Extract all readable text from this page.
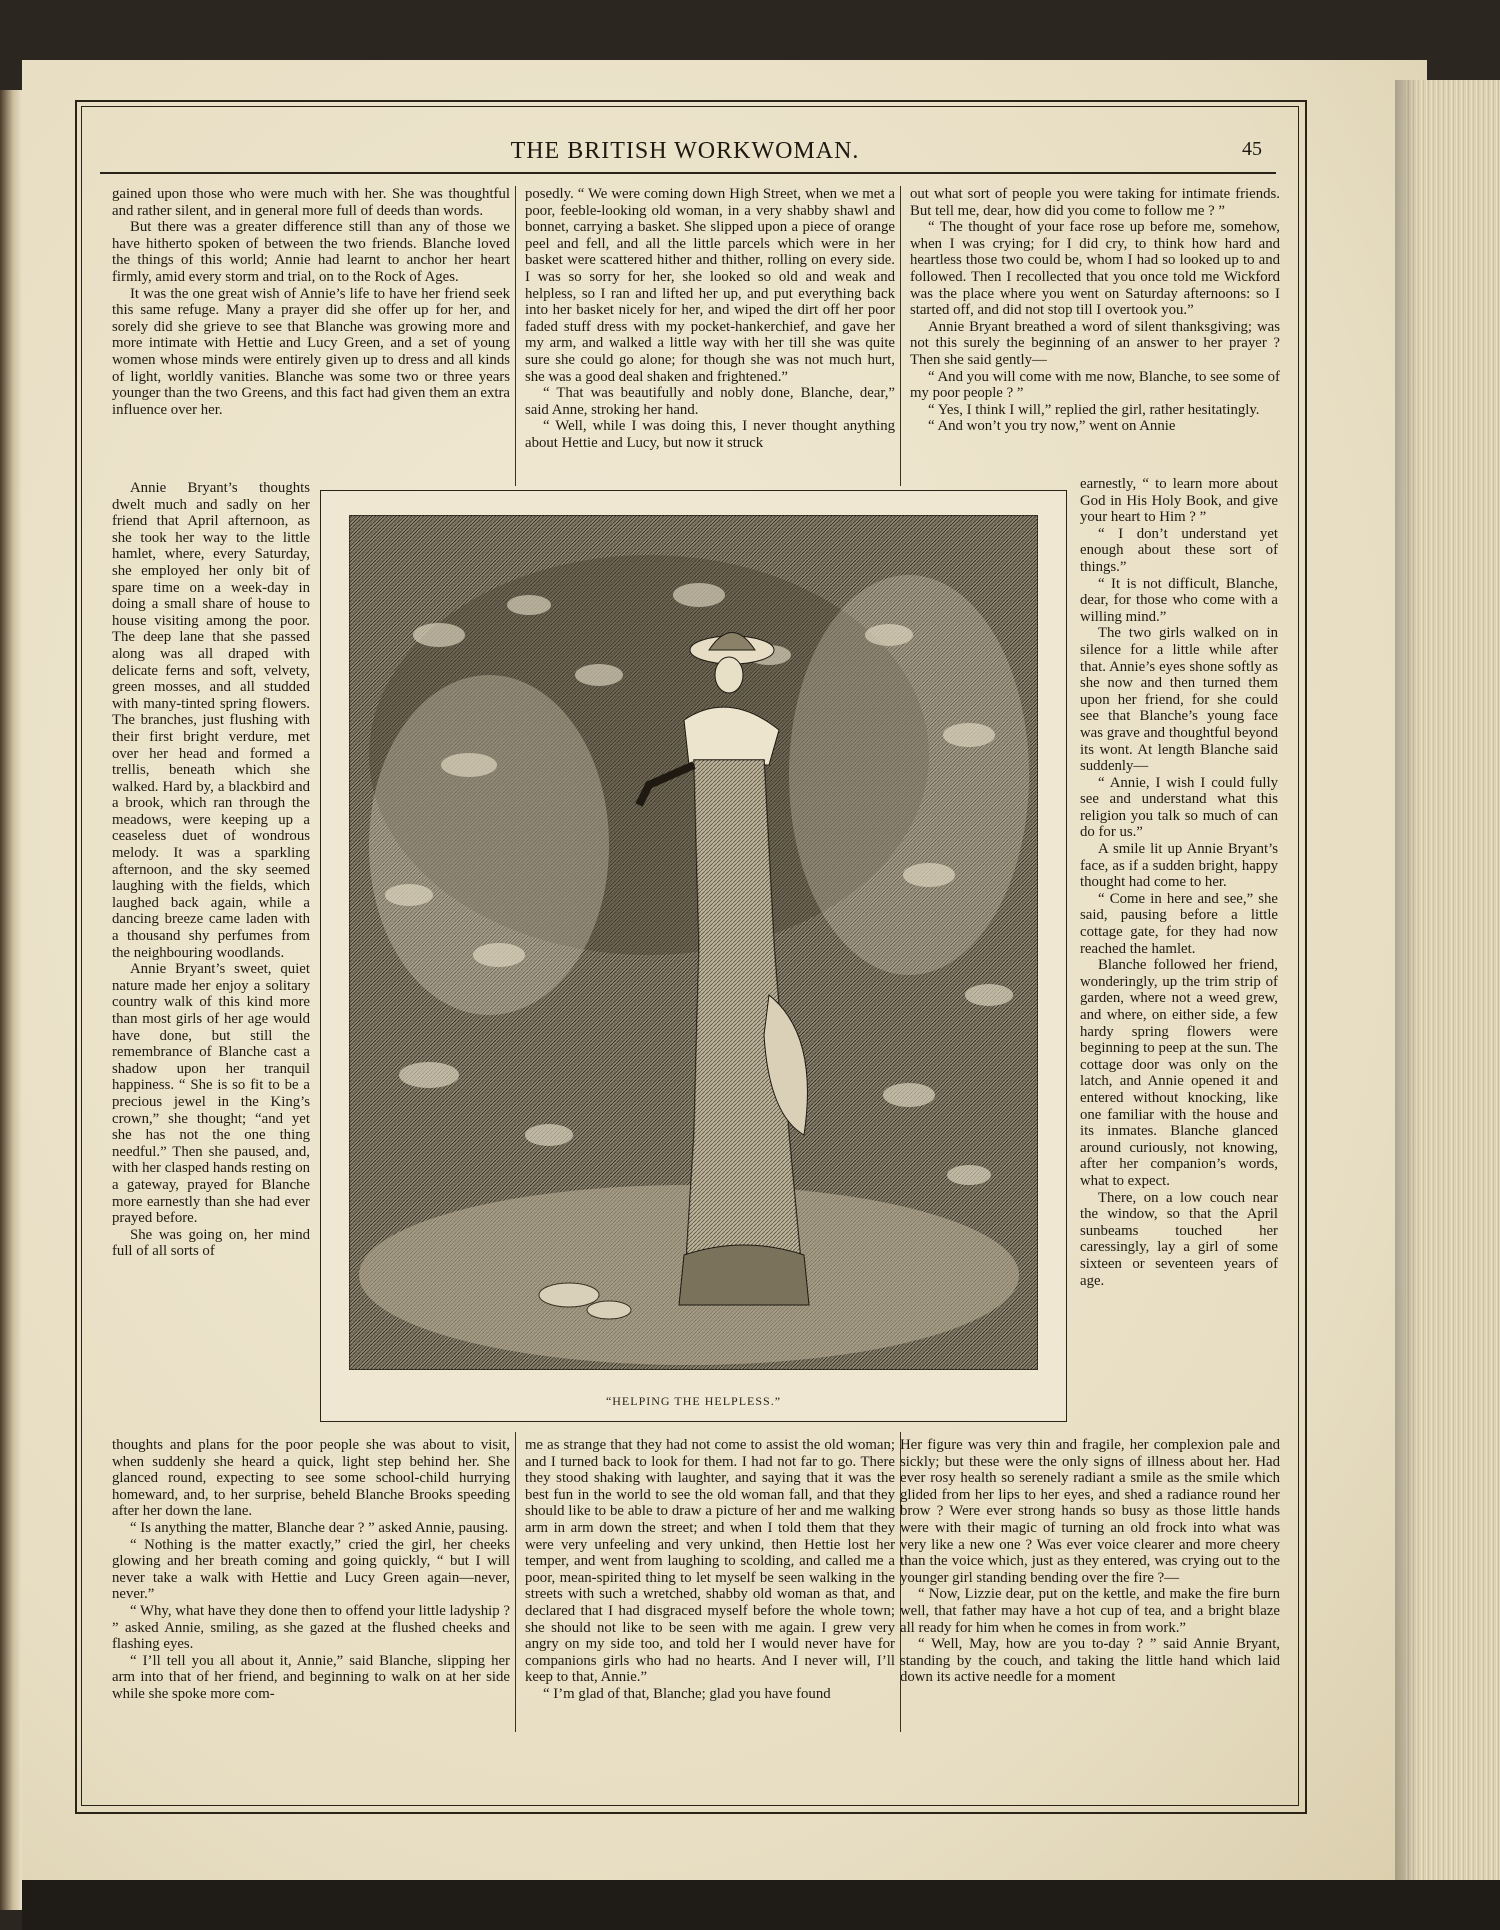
THE BRITISH WORKWOMAN.	45

gained upon those who were much with her. She was thoughtful and rather silent, and in general more full of deeds than words.

But there was a greater difference still than any of those we have hitherto spoken of between the two friends. Blanche loved the things of this world; Annie had learnt to anchor her heart firmly, amid every storm and trial, on to the Rock of Ages.

It was the one great wish of Annie’s life to have her friend seek this same refuge. Many a prayer did she offer up for her, and sorely did she grieve to see that Blanche was growing more and more intimate with Hettie and Lucy Green, and a set of young women whose minds were entirely given up to dress and all kinds of light, worldly vanities. Blanche was some two or three years younger than the two Greens, and this fact had given them an extra influence over her.

Annie Bryant’s thoughts dwelt much and sadly on her friend that April afternoon, as she took her way to the little hamlet, where, every Saturday, she employed her only bit of spare time on a week-day in doing a small share of house to house visiting among the poor. The deep lane that she passed along was all draped with delicate ferns and soft, velvety, green mosses, and all studded with many-tinted spring flowers. The branches, just flushing with their first bright verdure, met over her head and formed a trellis, beneath which she walked. Hard by, a blackbird and a brook, which ran through the meadows, were keeping up a ceaseless duet of wondrous melody. It was a sparkling afternoon, and the sky seemed laughing with the fields, which laughed back again, while a dancing breeze came laden with a thousand shy perfumes from the neighbouring woodlands.

Annie Bryant’s sweet, quiet nature made her enjoy a solitary country walk of this kind more than most girls of her age would have done, but still the remembrance of Blanche cast a shadow upon her tranquil happiness. “ She is so fit to be a precious jewel in the King’s crown,” she thought; “and yet she has not the one thing needful.” Then she paused, and, with her clasped hands resting on a gateway, prayed for Blanche more earnestly than she had ever prayed before.

She was going on, her mind full of all sorts of

thoughts and plans for the poor people she was about to visit, when suddenly she heard a quick, light step behind her. She glanced round, expecting to see some school-child hurrying homeward, and, to her surprise, beheld Blanche Brooks speeding after her down the lane.

“ Is anything the matter, Blanche dear ? ” asked Annie, pausing.

“ Nothing is the matter exactly,” cried the girl, her cheeks glowing and her breath coming and going quickly, “ but I will never take a walk with Hettie and Lucy Green again—never, never.”

“ Why, what have they done then to offend your little ladyship ? ” asked Annie, smiling, as she gazed at the flushed cheeks and flashing eyes.

“ I’ll tell you all about it, Annie,” said Blanche, slipping her arm into that of her friend, and beginning to walk on at her side while she spoke more com-

posedly. “ We were coming down High Street, when we met a poor, feeble-looking old woman, in a very shabby shawl and bonnet, carrying a basket. She slipped upon a piece of orange peel and fell, and all the little parcels which were in her basket were scattered hither and thither, rolling on every side. I was so sorry for her, she looked so old and weak and helpless, so I ran and lifted her up, and put everything back into her basket nicely for her, and wiped the dirt off her poor faded stuff dress with my pocket-hankerchief, and gave her my arm, and walked a little way with her till she was quite sure she could go alone; for though she was not much hurt, she was a good deal shaken and frightened.”

“ That was beautifully and nobly done, Blanche, dear,” said Anne, stroking her hand.

“ Well, while I was doing this, I never thought anything about Hettie and Lucy, but now it struck

me as strange that they had not come to assist the old woman; and I turned back to look for them. I had not far to go. There they stood shaking with laughter, and saying that it was the best fun in the world to see the old woman fall, and that they should like to be able to draw a picture of her and me walking arm in arm down the street; and when I told them that they were very unfeeling and very unkind, then Hettie lost her temper, and went from laughing to scolding, and called me a poor, mean-spirited thing to let myself be seen walking in the streets with such a wretched, shabby old woman as that, and declared that I had disgraced myself before the whole town; she should not like to be seen with me again. I grew very angry on my side too, and told her I would never have for companions girls who had no hearts. And I never will, I’ll keep to that, Annie.”

“ I’m glad of that, Blanche; glad you have found

out what sort of people you were taking for intimate friends. But tell me, dear, how did you come to follow me ? ”

“ The thought of your face rose up before me, somehow, when I was crying; for I did cry, to think how hard and heartless those two could be, whom I had so looked up to and followed. Then I recollected that you once told me Wickford was the place where you went on Saturday afternoons: so I started off, and did not stop till I overtook you.”

Annie Bryant breathed a word of silent thanksgiving; was not this surely the beginning of an answer to her prayer ? Then she said gently—

“ And you will come with me now, Blanche, to see some of my poor people ? ”

“ Yes, I think I will,” replied the girl, rather hesitatingly.

“ And won’t you try now,” went on Annie

earnestly, “ to learn more about God in His Holy Book, and give your heart to Him ? ”

“ I don’t understand yet enough about these sort of things.”

“ It is not difficult, Blanche, dear, for those who come with a willing mind.”

The two girls walked on in silence for a little while after that. Annie’s eyes shone softly as she now and then turned them upon her friend, for she could see that Blanche’s young face was grave and thoughtful beyond its wont. At length Blanche said suddenly—

“ Annie, I wish I could fully see and understand what this religion you talk so much of can do for us.”

A smile lit up Annie Bryant’s face, as if a sudden bright, happy thought had come to her.

“ Come in here and see,” she said, pausing before a little cottage gate, for they had now reached the hamlet.

Blanche followed her friend, wonderingly, up the trim strip of garden, where not a weed grew, and where, on either side, a few hardy spring flowers were beginning to peep at the sun. The cottage door was only on the latch, and Annie opened it and entered without knocking, like one familiar with the house and its inmates. Blanche glanced around curiously, not knowing, after her companion’s words, what to expect.

There, on a low couch near the window, so that the April sunbeams touched her caressingly, lay a girl of some sixteen or seventeen years of age.

Her figure was very thin and fragile, her complexion pale and sickly; but these were the only signs of illness about her. Had ever rosy health so serenely radiant a smile as the smile which glided from her lips to her eyes, and shed a radiance round her brow ? Were ever strong hands so busy as those little hands were with their magic of turning an old frock into what was very like a new one ? Was ever voice clearer and more cheery than the voice which, just as they entered, was crying out to the younger girl standing bending over the fire ?—

“ Now, Lizzie dear, put on the kettle, and make the fire burn well, that father may have a hot cup of tea, and a bright blaze all ready for him when he comes in from work.”

“ Well, May, how are you to-day ? ” said Annie Bryant, standing by the couch, and taking the little hand which laid down its active needle for a moment

“HELPING THE HELPLESS.”
